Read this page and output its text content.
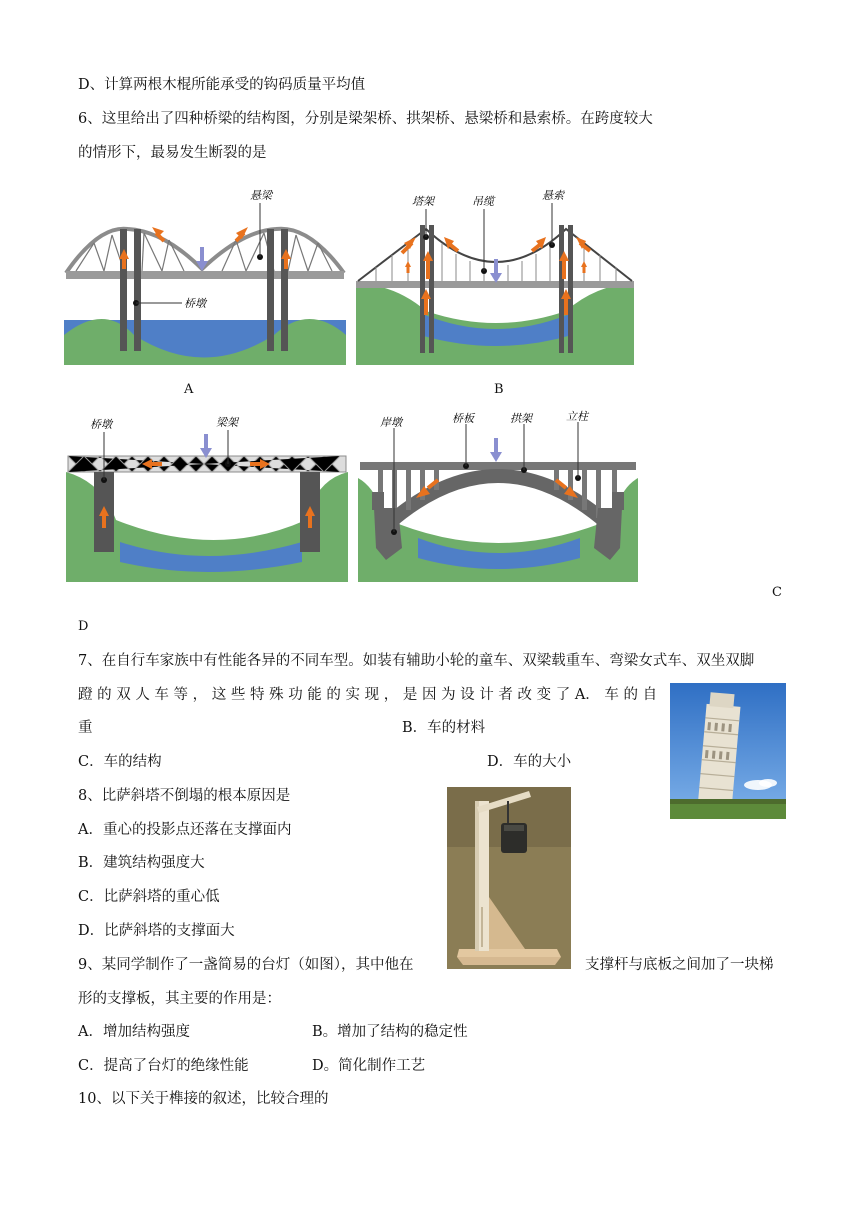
D、计算两根木棍所能承受的钩码质量平均值
6、这里给出了四种桥梁的结构图，分别是梁架桥、拱架桥、悬梁桥和悬索桥。在跨度较大
的情形下，最易发生断裂的是
悬梁
桥墩
A
塔架	吊缆	悬索
B
桥墩	梁架	岸墩	桥板	拱架	立柱
C
D
7、在自行车家族中有性能各异的不同车型。如装有辅助小轮的童车、双梁载重车、弯梁女式车、双坐双脚
蹬 的 双 人 车 等 ， 这 些 特 殊 功 能 的 实 现 ， 是 因 为 设 计 者 改 变 了 A． 车 的 自
重	B．车的材料
C．车的结构	D．车的大小
8、比萨斜塔不倒塌的根本原因是
A．重心的投影点还落在支撑面内
B．建筑结构强度大
C．比萨斜塔的重心低
D．比萨斜塔的支撑面大
9、某同学制作了一盏简易的台灯（如图），其中他在	支撑杆与底板之间加了一块梯
形的支撑板，其主要的作用是：
A．增加结构强度	B。增加了结构的稳定性
C．提高了台灯的绝缘性能	D。简化制作工艺
10、以下关于榫接的叙述，比较合理的
